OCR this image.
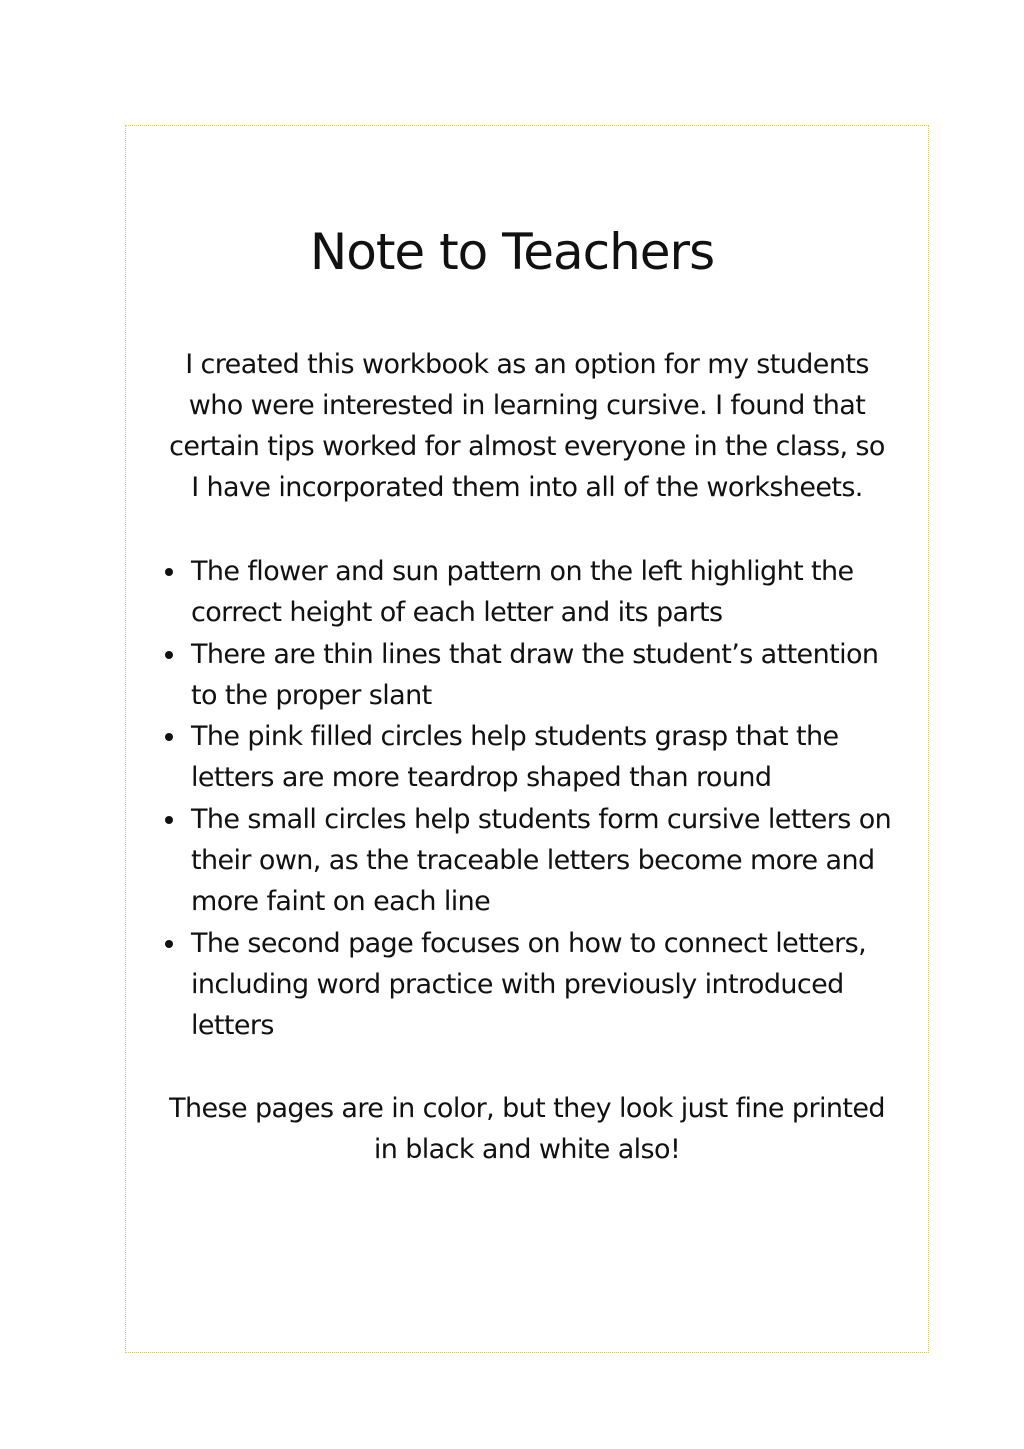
Note to Teachers

I created this workbook as an option for my students who were interested in learning cursive. I found that certain tips worked for almost everyone in the class, so I have incorporated them into all of the worksheets.

The flower and sun pattern on the left highlight the correct height of each letter and its parts
There are thin lines that draw the student’s attention to the proper slant
The pink filled circles help students grasp that the letters are more teardrop shaped than round
The small circles help students form cursive letters on their own, as the traceable letters become more and more faint on each line
The second page focuses on how to connect letters, including word practice with previously introduced letters

These pages are in color, but they look just fine printed in black and white also!
